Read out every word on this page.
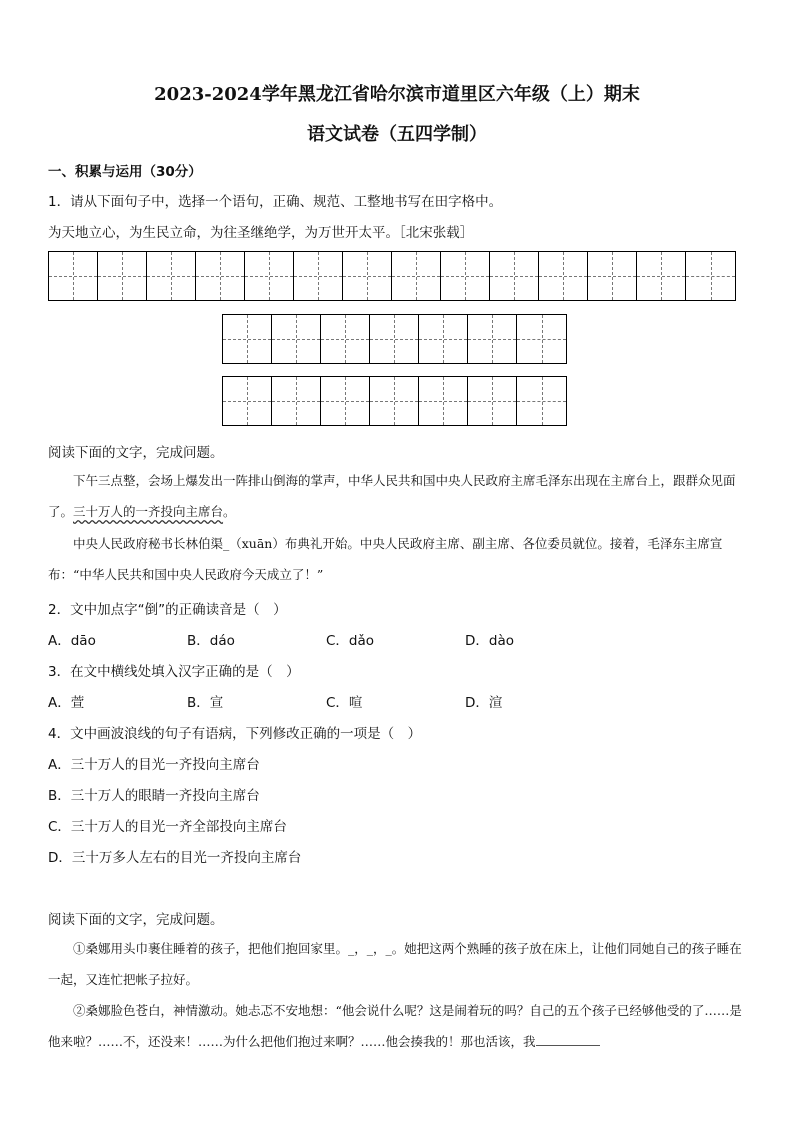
2023-2024学年黑龙江省哈尔滨市道里区六年级（上）期末
语文试卷（五四学制）
一、积累与运用（30分）
1．请从下面句子中，选择一个语句，正确、规范、工整地书写在田字格中。
为天地立心，为生民立命，为往圣继绝学，为万世开太平。［北宋张载］
阅读下面的文字，完成问题。
下午三点整，会场上爆发出一阵排山倒海的掌声，中华人民共和国中央人民政府主席毛泽东出现在主席台上，跟群众见面了。三十万人的一齐投向主席台。
中央人民政府秘书长林伯渠_（xuān）布典礼开始。中央人民政府主席、副主席、各位委员就位。接着，毛泽东主席宣布：“中华人民共和国中央人民政府今天成立了！”
2．文中加点字“倒”的正确读音是（　）
A．dāo	B．dáo	C．dǎo	D．dào
3．在文中横线处填入汉字正确的是（　）
A．萱	B．宣	C．喧	D．渲
4．文中画波浪线的句子有语病，下列修改正确的一项是（　）
A．三十万人的目光一齐投向主席台
B．三十万人的眼睛一齐投向主席台
C．三十万人的目光一齐全部投向主席台
D．三十万多人左右的目光一齐投向主席台
阅读下面的文字，完成问题。
①桑娜用头巾裹住睡着的孩子，把他们抱回家里。_，_，_。她把这两个熟睡的孩子放在床上，让他们同她自己的孩子睡在一起，又连忙把帐子拉好。
②桑娜脸色苍白，神情激动。她忐忑不安地想：“他会说什么呢？这是闹着玩的吗？自己的五个孩子已经够他受的了……是他来啦？……不，还没来！……为什么把他们抱过来啊？……他会揍我的！那也活该，我
